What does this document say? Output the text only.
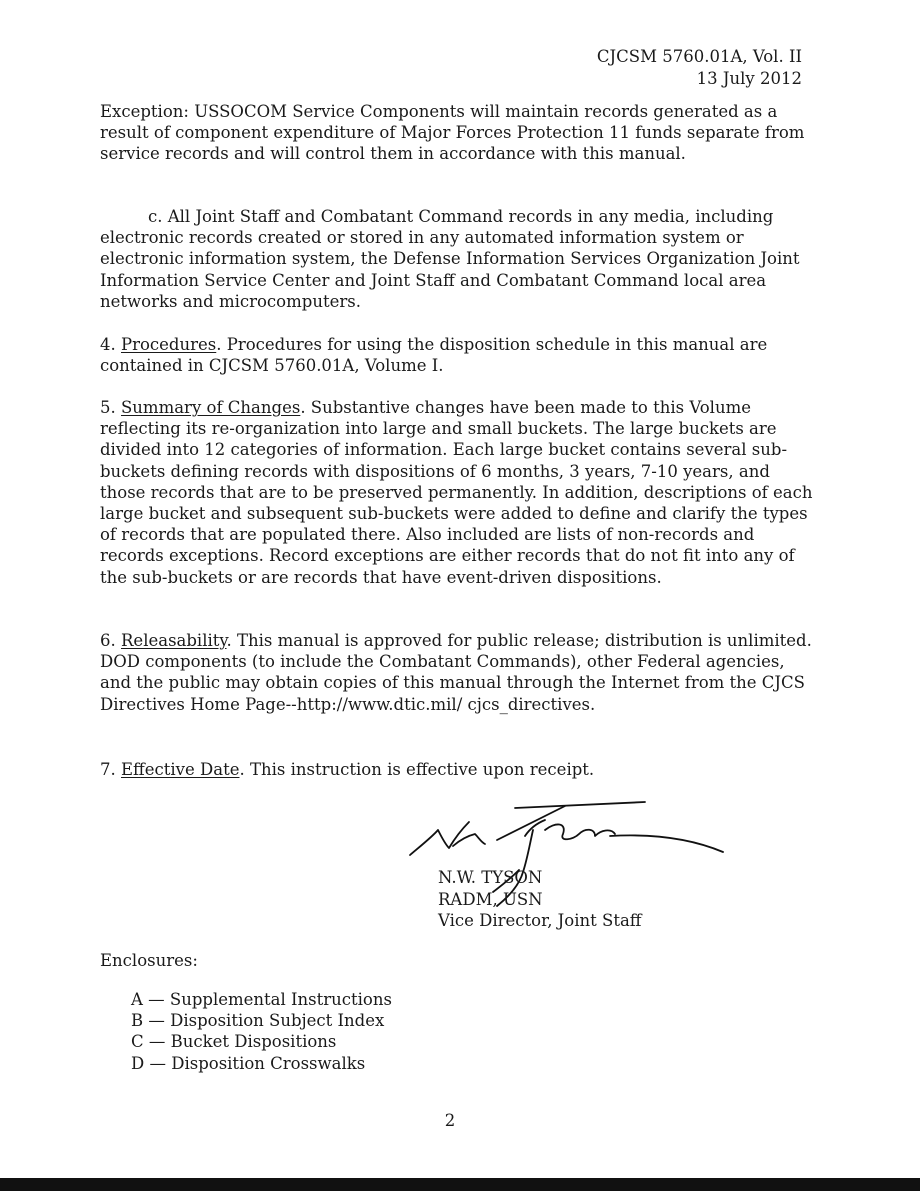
CJCSM 5760.01A, Vol. II
13 July 2012

Exception: USSOCOM Service Components will maintain records generated as a result of component expenditure of Major Forces Protection 11 funds separate from service records and will control them in accordance with this manual.

c. All Joint Staff and Combatant Command records in any media, including electronic records created or stored in any automated information system or electronic information system, the Defense Information Services Organization Joint Information Service Center and Joint Staff and Combatant Command local area networks and microcomputers.

4. Procedures. Procedures for using the disposition schedule in this manual are contained in CJCSM 5760.01A, Volume I.

5. Summary of Changes. Substantive changes have been made to this Volume reflecting its re-organization into large and small buckets. The large buckets are divided into 12 categories of information. Each large bucket contains several sub-buckets defining records with dispositions of 6 months, 3 years, 7-10 years, and those records that are to be preserved permanently. In addition, descriptions of each large bucket and subsequent sub-buckets were added to define and clarify the types of records that are populated there. Also included are lists of non-records and records exceptions. Record exceptions are either records that do not fit into any of the sub-buckets or are records that have event-driven dispositions.

6. Releasability. This manual is approved for public release; distribution is unlimited. DOD components (to include the Combatant Commands), other Federal agencies, and the public may obtain copies of this manual through the Internet from the CJCS Directives Home Page--http://www.dtic.mil/ cjcs_directives.

7. Effective Date. This instruction is effective upon receipt.

N.W. TYSON
RADM, USN
Vice Director, Joint Staff
Enclosures:
A — Supplemental Instructions
B — Disposition Subject Index
C — Bucket Dispositions
D — Disposition Crosswalks
2
